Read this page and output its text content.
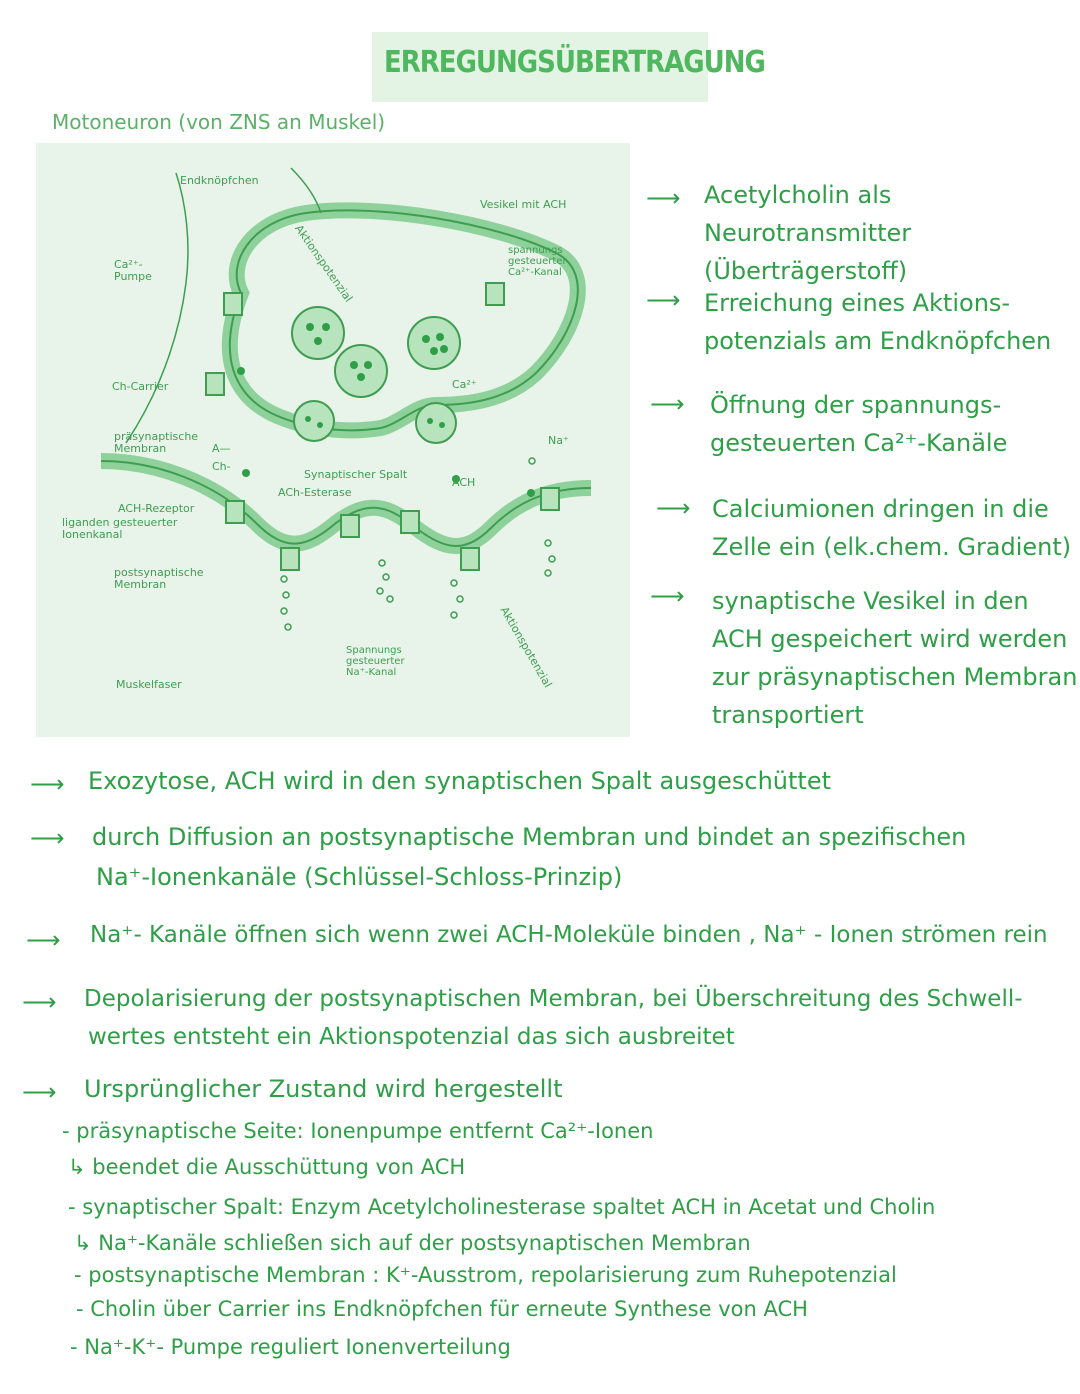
ERREGUNGSÜBERTRAGUNG
Motoneuron (von ZNS an Muskel)
Endknöpfchen
Ca²⁺-Pumpe
Ch-Carrier
präsynaptische Membran	A—
Ch-
ACH-Rezeptor
liganden gesteuerter Ionenkanal
postsynaptische Membran
Muskelfaser
Aktionspotenzial
Vesikel mit ACH
spannungs gesteuerter Ca²⁺-Kanal
Ca²⁺
Na⁺
Synaptischer Spalt
ACH
ACh-Esterase
Spannungs gesteuerter Na⁺-Kanal	Aktionspotenzial
⟶ Acetylcholin als Neurotransmitter
(Überträgerstoff)
⟶ Erreichung eines Aktions-
potenzials am Endknöpfchen
⟶ Öffnung der spannungs-
gesteuerten Ca²⁺-Kanäle
⟶ Calciumionen dringen in die
Zelle ein (elk.chem. Gradient)
⟶ synaptische Vesikel in den
ACH gespeichert wird werden
zur präsynaptischen Membran
transportiert
⟶ Exozytose, ACH wird in den synaptischen Spalt ausgeschüttet
⟶ durch Diffusion an postsynaptische Membran und bindet an spezifischen
Na⁺-Ionenkanäle (Schlüssel-Schloss-Prinzip)
⟶ Na⁺- Kanäle öffnen sich wenn zwei ACH-Moleküle binden , Na⁺ - Ionen strömen rein
⟶ Depolarisierung der postsynaptischen Membran, bei Überschreitung des Schwell-
wertes entsteht ein Aktionspotenzial das sich ausbreitet
⟶ Ursprünglicher Zustand wird hergestellt
- präsynaptische Seite: Ionenpumpe entfernt Ca²⁺-Ionen
↳ beendet die Ausschüttung von ACH
- synaptischer Spalt: Enzym Acetylcholinesterase spaltet ACH in Acetat und Cholin
↳ Na⁺-Kanäle schließen sich auf der postsynaptischen Membran
- postsynaptische Membran : K⁺-Ausstrom, repolarisierung zum Ruhepotenzial
- Cholin über Carrier ins Endknöpfchen für erneute Synthese von ACH
- Na⁺-K⁺- Pumpe reguliert Ionenverteilung
